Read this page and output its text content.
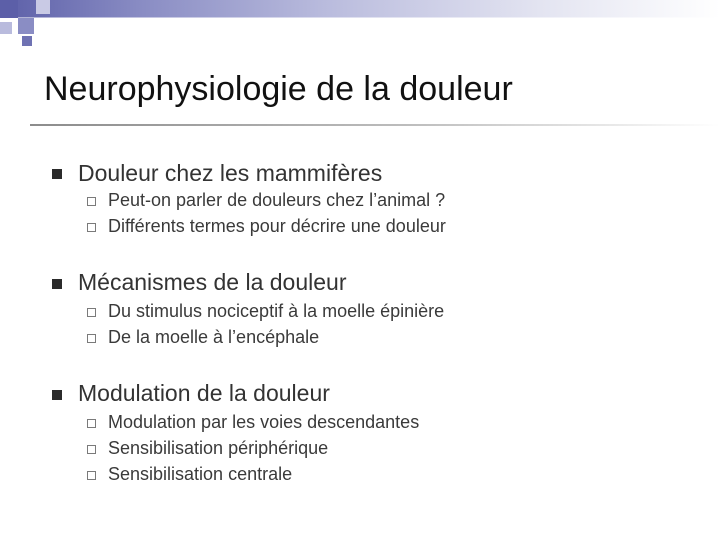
Neurophysiologie de la douleur
Douleur chez les mammifères
Peut-on parler de douleurs chez l’animal ?
Différents termes pour décrire une douleur
Mécanismes de la douleur
Du stimulus nociceptif à la moelle épinière
De la moelle à l’encéphale
Modulation de la douleur
Modulation par les voies descendantes
Sensibilisation périphérique
Sensibilisation centrale
